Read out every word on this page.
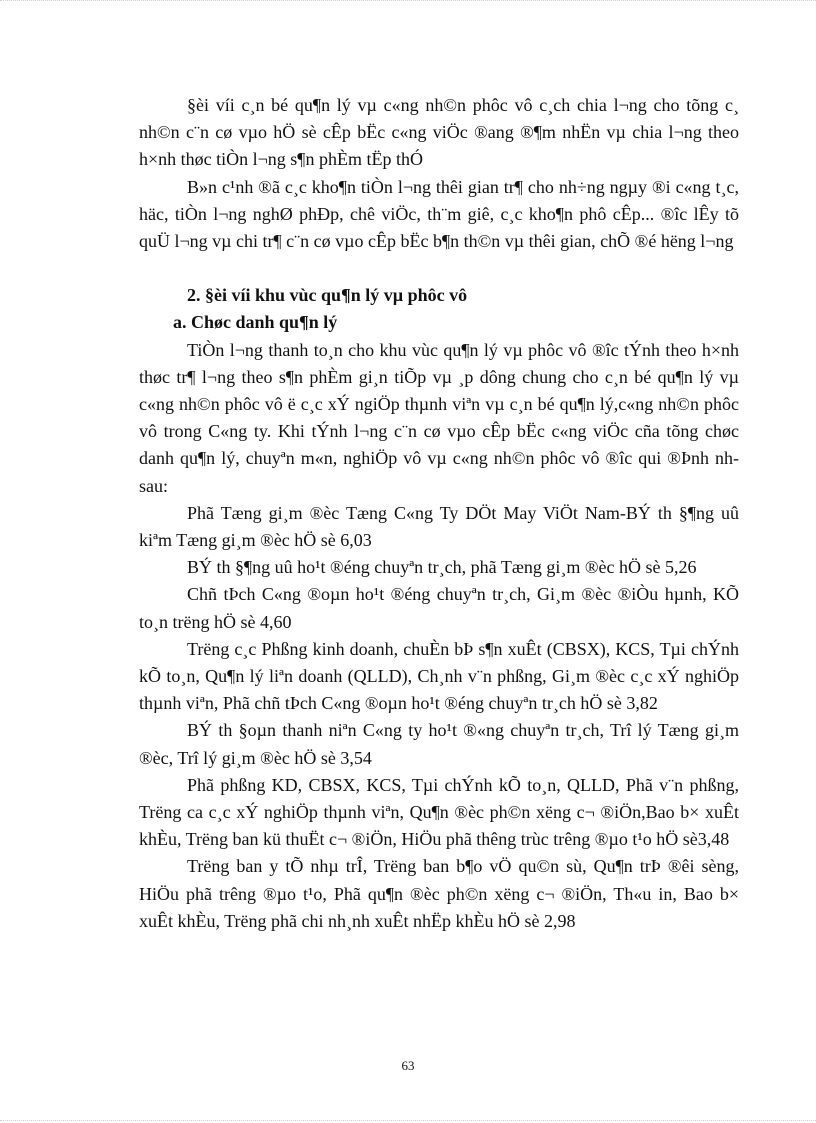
§èi víi c¸n bé qu¶n lý vµ c«ng nh©n phôc vô c¸ch chia l¬ng cho tõng c¸ nh©n c¨n cø vµo hÖ sè cÊp bËc c«ng viÖc ®ang ®¶m nhËn vµ chia l¬ng theo h×nh thøc tiÒn l¬ng s¶n phÈm tËp thÓ

B»n c¹nh ®ã c¸c kho¶n tiÒn l¬ng thêi gian tr¶ cho nh÷ng ngµy ®i c«ng t¸c, häc, tiÒn l¬ng nghØ phÐp, chê viÖc, th¨m giê, c¸c kho¶n phô cÊp... ®îc lÊy tõ quÜ l¬ng vµ chi tr¶ c¨n cø vµo cÊp bËc b¶n th©n vµ thêi gian, chÕ ®é hëng l¬ng

2. §èi víi khu vùc qu¶n lý vµ phôc vô

a. Chøc danh qu¶n lý

TiÒn l¬ng thanh to¸n cho khu vùc qu¶n lý vµ phôc vô ®îc tÝnh theo h×nh thøc tr¶ l¬ng theo s¶n phÈm gi¸n tiÕp vµ ¸p dông chung cho c¸n bé qu¶n lý vµ c«ng nh©n phôc vô ë c¸c xÝ ngiÖp thµnh viªn vµ c¸n bé qu¶n lý,c«ng nh©n phôc vô trong C«ng ty. Khi tÝnh l¬ng c¨n cø vµo cÊp bËc c«ng viÖc cña tõng chøc danh qu¶n lý, chuyªn m«n, nghiÖp vô vµ c«ng nh©n phôc vô ®îc qui ®Þnh nh sau:

Phã Tæng gi¸m ®èc Tæng C«ng Ty DÖt May ViÖt Nam-BÝ th §¶ng uû kiªm Tæng gi¸m ®èc hÖ sè 6,03

BÝ th §¶ng uû ho¹t ®éng chuyªn tr¸ch, phã Tæng gi¸m ®èc hÖ sè 5,26

Chñ tÞch C«ng ®oµn ho¹t ®éng chuyªn tr¸ch, Gi¸m ®èc ®iÒu hµnh, KÕ to¸n trëng hÖ sè 4,60

Trëng c¸c Phßng kinh doanh, chuÈn bÞ s¶n xuÊt (CBSX), KCS, Tµi chÝnh kÕ to¸n, Qu¶n lý liªn doanh (QLLD), Ch¸nh v¨n phßng, Gi¸m ®èc c¸c xÝ nghiÖp thµnh viªn, Phã chñ tÞch C«ng ®oµn ho¹t ®éng chuyªn tr¸ch hÖ sè 3,82

BÝ th §oµn thanh niªn C«ng ty ho¹t ®«ng chuyªn tr¸ch, Trî lý Tæng gi¸m ®èc, Trî lý gi¸m ®èc hÖ sè 3,54

Phã phßng KD, CBSX, KCS, Tµi chÝnh kÕ to¸n, QLLD, Phã v¨n phßng, Trëng ca c¸c xÝ nghiÖp thµnh viªn, Qu¶n ®èc ph©n xëng c¬ ®iÖn,Bao b× xuÊt khÈu, Trëng ban kü thuËt c¬ ®iÖn, HiÖu phã thêng trùc trêng ®µo t¹o hÖ sè3,48

Trëng ban y tÕ nhµ trÎ, Trëng ban b¶o vÖ qu©n sù, Qu¶n trÞ ®êi sèng, HiÖu phã trêng ®µo t¹o, Phã qu¶n ®èc ph©n xëng c¬ ®iÖn, Th«u in, Bao b× xuÊt khÈu, Trëng phã chi nh¸nh xuÊt nhËp khÈu hÖ sè 2,98

63
